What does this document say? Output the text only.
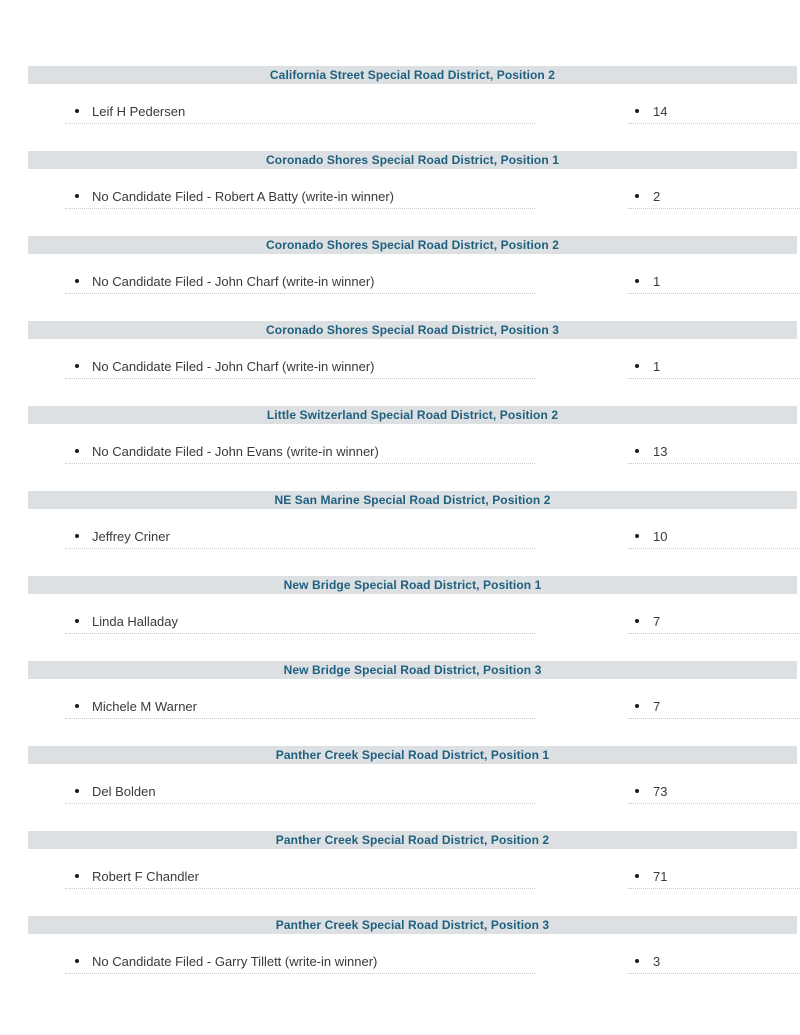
California Street Special Road District, Position 2
Leif H Pedersen	14
Coronado Shores Special Road District, Position 1
No Candidate Filed - Robert A Batty (write-in winner)	2
Coronado Shores Special Road District, Position 2
No Candidate Filed - John Charf (write-in winner)	1
Coronado Shores Special Road District, Position 3
No Candidate Filed - John Charf (write-in winner)	1
Little Switzerland Special Road District, Position 2
No Candidate Filed - John Evans (write-in winner)	13
NE San Marine Special Road District, Position 2
Jeffrey Criner	10
New Bridge Special Road District, Position 1
Linda Halladay	7
New Bridge Special Road District, Position 3
Michele M Warner	7
Panther Creek Special Road District, Position 1
Del Bolden	73
Panther Creek Special Road District, Position 2
Robert F Chandler	71
Panther Creek Special Road District, Position 3
No Candidate Filed - Garry Tillett (write-in winner)	3
